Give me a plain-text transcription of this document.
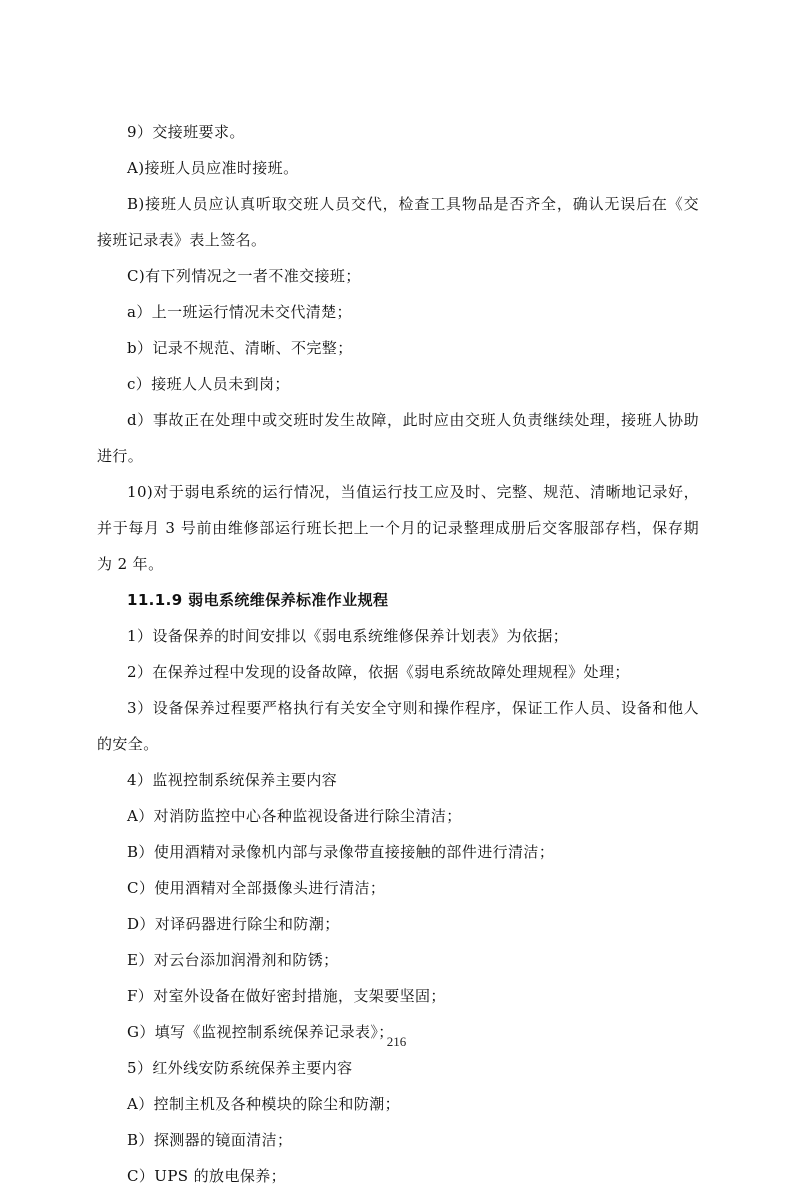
9）交接班要求。

A)接班人员应准时接班。

B)接班人员应认真听取交班人员交代，检查工具物品是否齐全，确认无误后在《交接班记录表》表上签名。

C)有下列情况之一者不准交接班；

a）上一班运行情况未交代清楚；

b）记录不规范、清晰、不完整；

c）接班人人员未到岗；

d）事故正在处理中或交班时发生故障，此时应由交班人负责继续处理，接班人协助进行。

10)对于弱电系统的运行情况，当值运行技工应及时、完整、规范、清晰地记录好，并于每月 3 号前由维修部运行班长把上一个月的记录整理成册后交客服部存档，保存期为 2 年。

11.1.9 弱电系统维保养标准作业规程

1）设备保养的时间安排以《弱电系统维修保养计划表》为依据；

2）在保养过程中发现的设备故障，依据《弱电系统故障处理规程》处理；

3）设备保养过程要严格执行有关安全守则和操作程序，保证工作人员、设备和他人的安全。

4）监视控制系统保养主要内容

A）对消防监控中心各种监视设备进行除尘清洁；

B）使用酒精对录像机内部与录像带直接接触的部件进行清洁；

C）使用酒精对全部摄像头进行清洁；

D）对译码器进行除尘和防潮；

E）对云台添加润滑剂和防锈；

F）对室外设备在做好密封措施，支架要坚固；

G）填写《监视控制系统保养记录表》；

5）红外线安防系统保养主要内容

A）控制主机及各种模块的除尘和防潮；

B）探测器的镜面清洁；

C）UPS 的放电保养；

216
